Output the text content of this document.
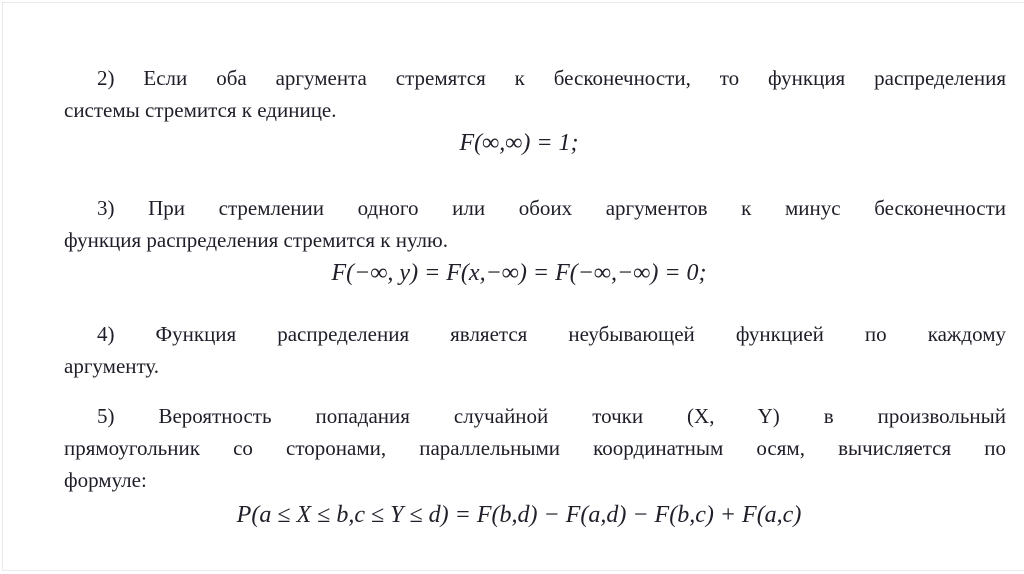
2) Если оба аргумента стремятся к бесконечности, то функция распределения
системы стремится к единице.
F(∞,∞) = 1;
3) При стремлении одного или обоих аргументов к минус бесконечности
функция распределения стремится к нулю.
F(−∞, y) = F(x,−∞) = F(−∞,−∞) = 0;
4) Функция распределения является неубывающей функцией по каждому
аргументу.
5) Вероятность попадания случайной точки (X, Y) в произвольный
прямоугольник со сторонами, параллельными координатным осям, вычисляется по
формуле:
P(a ≤ X ≤ b,c ≤ Y ≤ d) = F(b,d) − F(a,d) − F(b,c) + F(a,c)
